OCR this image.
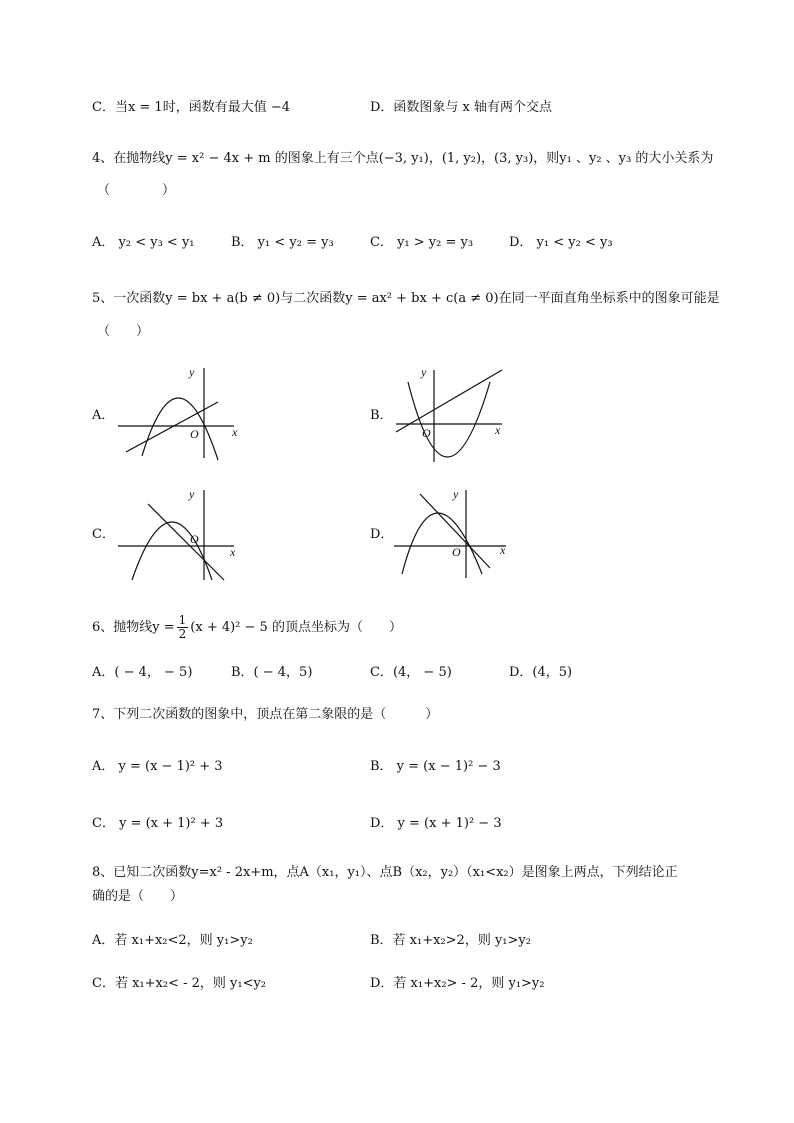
C．当x = 1时，函数有最大值 −4	D．函数图象与 x 轴有两个交点
4、在抛物线y = x² − 4x + m 的图象上有三个点(−3, y₁)，(1, y₂)，(3, y₃)，则y₁ 、y₂ 、y₃ 的大小关系为
（　　　　）
A． y₂ < y₃ < y₁	B． y₁ < y₂ = y₃	C． y₁ > y₂ = y₃	D． y₁ < y₂ < y₃
5、一次函数y = bx + a(b ≠ 0)与二次函数y = ax² + bx + c(a ≠ 0)在同一平面直角坐标系中的图象可能是
（　　）
A．
x
y
O
B．
x
y
O
C．
x
y
O	D．
x
y
O
6、抛物线$y = \frac{1}{2} (x + 4)^2 - 5$ 的顶点坐标为（　　）
A．( − 4， − 5)	B．( − 4，5)	C．(4， − 5)	D．(4，5)
7、下列二次函数的图象中，顶点在第二象限的是（　　　）
A． y = (x − 1)² + 3	B． y = (x − 1)² − 3
C． y = (x + 1)² + 3	D． y = (x + 1)² − 3
8、已知二次函数y=x² - 2x+m，点A（x₁，y₁）、点B（x₂，y₂）（x₁<x₂）是图象上两点，下列结论正
确的是（　　）
A．若 x₁+x₂<2，则 y₁>y₂	B．若 x₁+x₂>2，则 y₁>y₂
C．若 x₁+x₂< - 2，则 y₁<y₂	D．若 x₁+x₂> - 2，则 y₁>y₂
